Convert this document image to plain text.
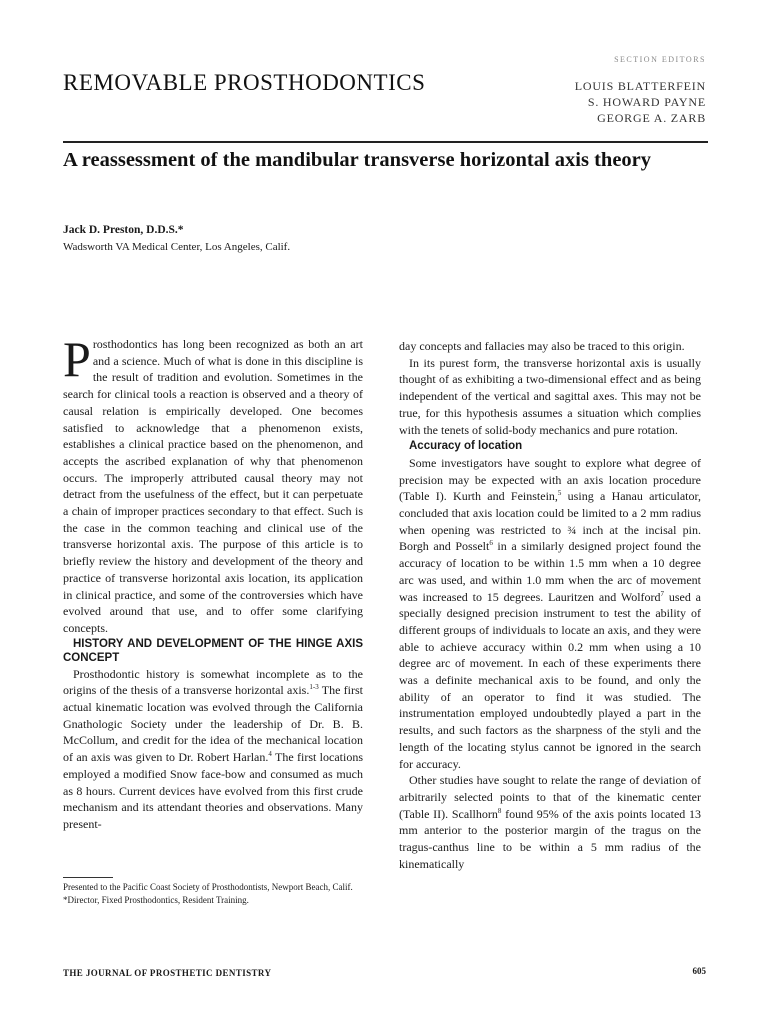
REMOVABLE PROSTHODONTICS
SECTION EDITORS
LOUIS BLATTERFEIN
S. HOWARD PAYNE
GEORGE A. ZARB
A reassessment of the mandibular transverse horizontal axis theory
Jack D. Preston, D.D.S.*
Wadsworth VA Medical Center, Los Angeles, Calif.

Prosthodontics has long been recognized as both an art and a science. Much of what is done in this discipline is the result of tradition and evolution. Sometimes in the search for clinical tools a reaction is observed and a theory of causal relation is empirically developed. One becomes satisfied to acknowledge that a phenomenon exists, establishes a clinical practice based on the phenomenon, and accepts the ascribed explanation of why that phenomenon occurs. The improperly attributed causal theory may not detract from the usefulness of the effect, but it can perpetuate a chain of improper practices secondary to that effect. Such is the case in the common teaching and clinical use of the transverse horizontal axis. The purpose of this article is to briefly review the history and development of the theory and practice of transverse horizontal axis location, its application in clinical practice, and some of the controversies which have evolved around that use, and to offer some clarifying concepts.

HISTORY AND DEVELOPMENT OF THE HINGE AXIS CONCEPT

Prosthodontic history is somewhat incomplete as to the origins of the thesis of a transverse horizontal axis.$^{1-3}$ The first actual kinematic location was evolved through the California Gnathologic Society under the leadership of Dr. B. B. McCollum, and credit for the idea of the mechanical location of an axis was given to Dr. Robert Harlan.$^4$ The first locations employed a modified Snow face-bow and consumed as much as 8 hours. Current devices have evolved from this first crude mechanism and its attendant theories and observations. Many present-

day concepts and fallacies may also be traced to this origin.

In its purest form, the transverse horizontal axis is usually thought of as exhibiting a two-dimensional effect and as being independent of the vertical and sagittal axes. This may not be true, for this hypothesis assumes a situation which complies with the tenets of solid-body mechanics and pure rotation.

Accuracy of location

Some investigators have sought to explore what degree of precision may be expected with an axis location procedure (Table I). Kurth and Feinstein,$^5$ using a Hanau articulator, concluded that axis location could be limited to a 2 mm radius when opening was restricted to ¾ inch at the incisal pin. Borgh and Posselt$^6$ in a similarly designed project found the accuracy of location to be within 1.5 mm when a 10 degree arc was used, and within 1.0 mm when the arc of movement was increased to 15 degrees. Lauritzen and Wolford$^7$ used a specially designed precision instrument to test the ability of different groups of individuals to locate an axis, and they were able to achieve accuracy within 0.2 mm when using a 10 degree arc of movement. In each of these experiments there was a definite mechanical axis to be found, and only the ability of an operator to find it was studied. The instrumentation employed undoubtedly played a part in the results, and such factors as the sharpness of the styli and the length of the locating stylus cannot be ignored in the search for accuracy.

Other studies have sought to relate the range of deviation of arbitrarily selected points to that of the kinematic center (Table II). Scallhorn$^8$ found 95% of the axis points located 13 mm anterior to the posterior margin of the tragus on the tragus-canthus line to be within a 5 mm radius of the kinematically

Presented to the Pacific Coast Society of Prosthodontists, Newport Beach, Calif.
*Director, Fixed Prosthodontics, Resident Training.
THE JOURNAL OF PROSTHETIC DENTISTRY	605
